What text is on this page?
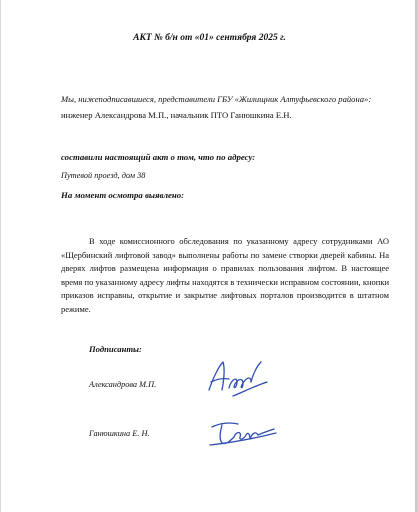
АКТ № б/н от «01» сентября 2025 г.

Мы, нижеподписавшиеся, представители ГБУ «Жилищник Алтуфьевского района»: инженер Александрова М.П., начальник ПТО Ганюшкина Е.Н.

составили настоящий акт о том, что по адресу:

Путевой проезд, дом 38

На момент осмотра выявлено:

В ходе комиссионного обследования по указанному адресу сотрудниками АО «Щербинский лифтовой завод» выполнены работы по замене створки дверей кабины. На дверях лифтов размещена информация о правилах пользования лифтом. В настоящее время по указанному адресу лифты находятся в технически исправном состоянии, кнопки приказов исправны, открытие и закрытие лифтовых порталов производится в штатном режиме.

Подписанты:

Александрова М.П.

Ганюшкина Е. Н.
